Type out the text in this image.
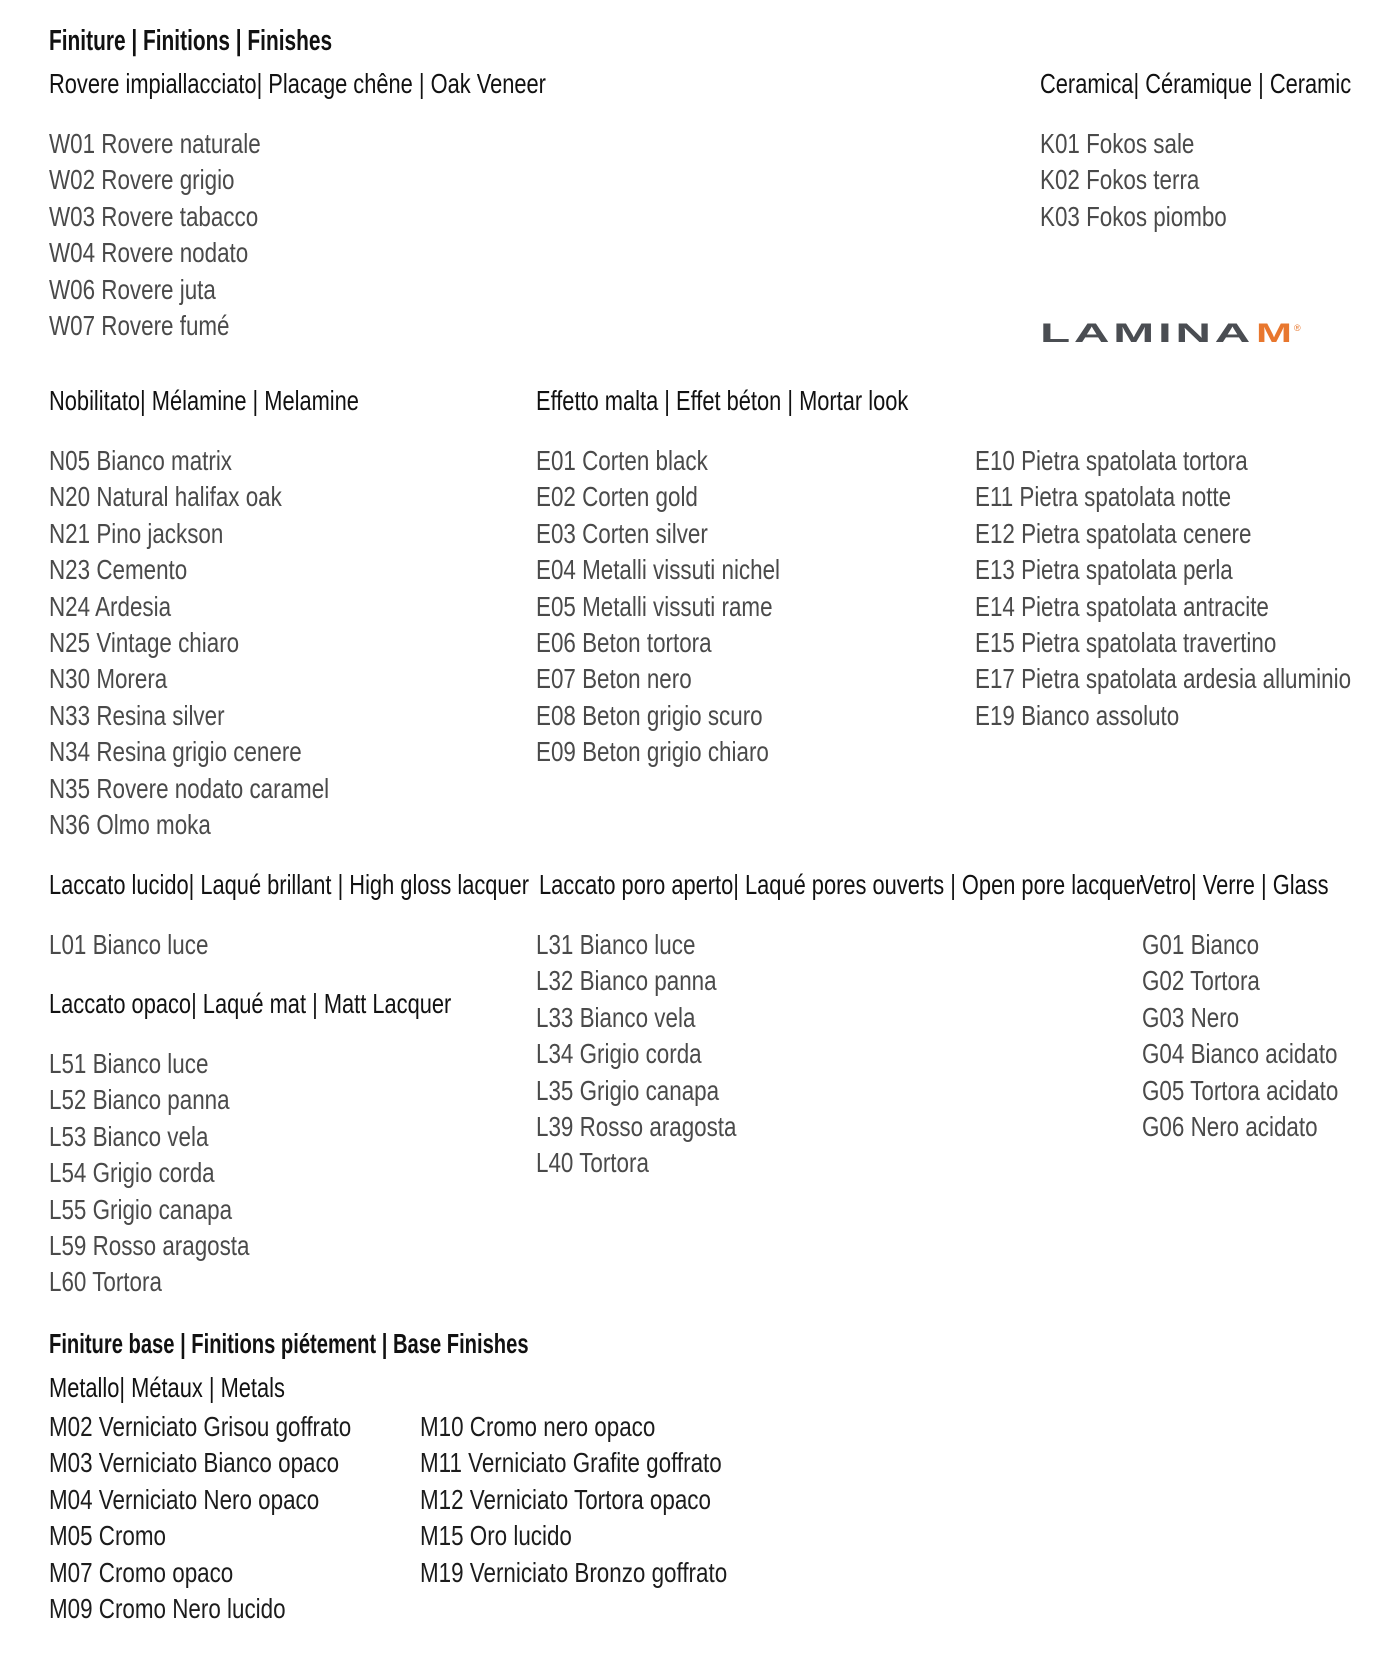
Finiture | Finitions | Finishes
Rovere impiallacciato| Placage chêne | Oak Veneer
W01 Rovere naturale
W02 Rovere grigio
W03 Rovere tabacco
W04 Rovere nodato
W06 Rovere juta
W07 Rovere fumé
Ceramica| Céramique | Ceramic
K01 Fokos sale
K02 Fokos terra
K03 Fokos piombo
LAMINA M ®
Nobilitato| Mélamine | Melamine
N05 Bianco matrix
N20 Natural halifax oak
N21 Pino jackson
N23 Cemento
N24 Ardesia
N25 Vintage chiaro
N30 Morera
N33 Resina silver
N34 Resina grigio cenere
N35 Rovere nodato caramel
N36 Olmo moka
Effetto malta | Effet béton | Mortar look
E01 Corten black
E02 Corten gold
E03 Corten silver
E04 Metalli vissuti nichel
E05 Metalli vissuti rame
E06 Beton tortora
E07 Beton nero
E08 Beton grigio scuro
E09 Beton grigio chiaro
E10 Pietra spatolata tortora
E11 Pietra spatolata notte
E12 Pietra spatolata cenere
E13 Pietra spatolata perla
E14 Pietra spatolata antracite
E15 Pietra spatolata travertino
E17 Pietra spatolata ardesia alluminio
E19 Bianco assoluto
Laccato lucido| Laqué brillant | High gloss lacquer
L01 Bianco luce
Laccato opaco| Laqué mat | Matt Lacquer
L51 Bianco luce
L52 Bianco panna
L53 Bianco vela
L54 Grigio corda
L55 Grigio canapa
L59 Rosso aragosta
L60 Tortora
Laccato poro aperto| Laqué pores ouverts | Open pore lacquer
L31 Bianco luce
L32 Bianco panna
L33 Bianco vela
L34 Grigio corda
L35 Grigio canapa
L39 Rosso aragosta
L40 Tortora
Vetro| Verre | Glass
G01 Bianco
G02 Tortora
G03 Nero
G04 Bianco acidato
G05 Tortora acidato
G06 Nero acidato
Finiture base | Finitions piétement | Base Finishes
Metallo| Métaux | Metals
M02 Verniciato Grisou goffrato
M03 Verniciato Bianco opaco
M04 Verniciato Nero opaco
M05 Cromo
M07 Cromo opaco
M09 Cromo Nero lucido
M10 Cromo nero opaco
M11 Verniciato Grafite goffrato
M12 Verniciato Tortora opaco
M15 Oro lucido
M19 Verniciato Bronzo goffrato
